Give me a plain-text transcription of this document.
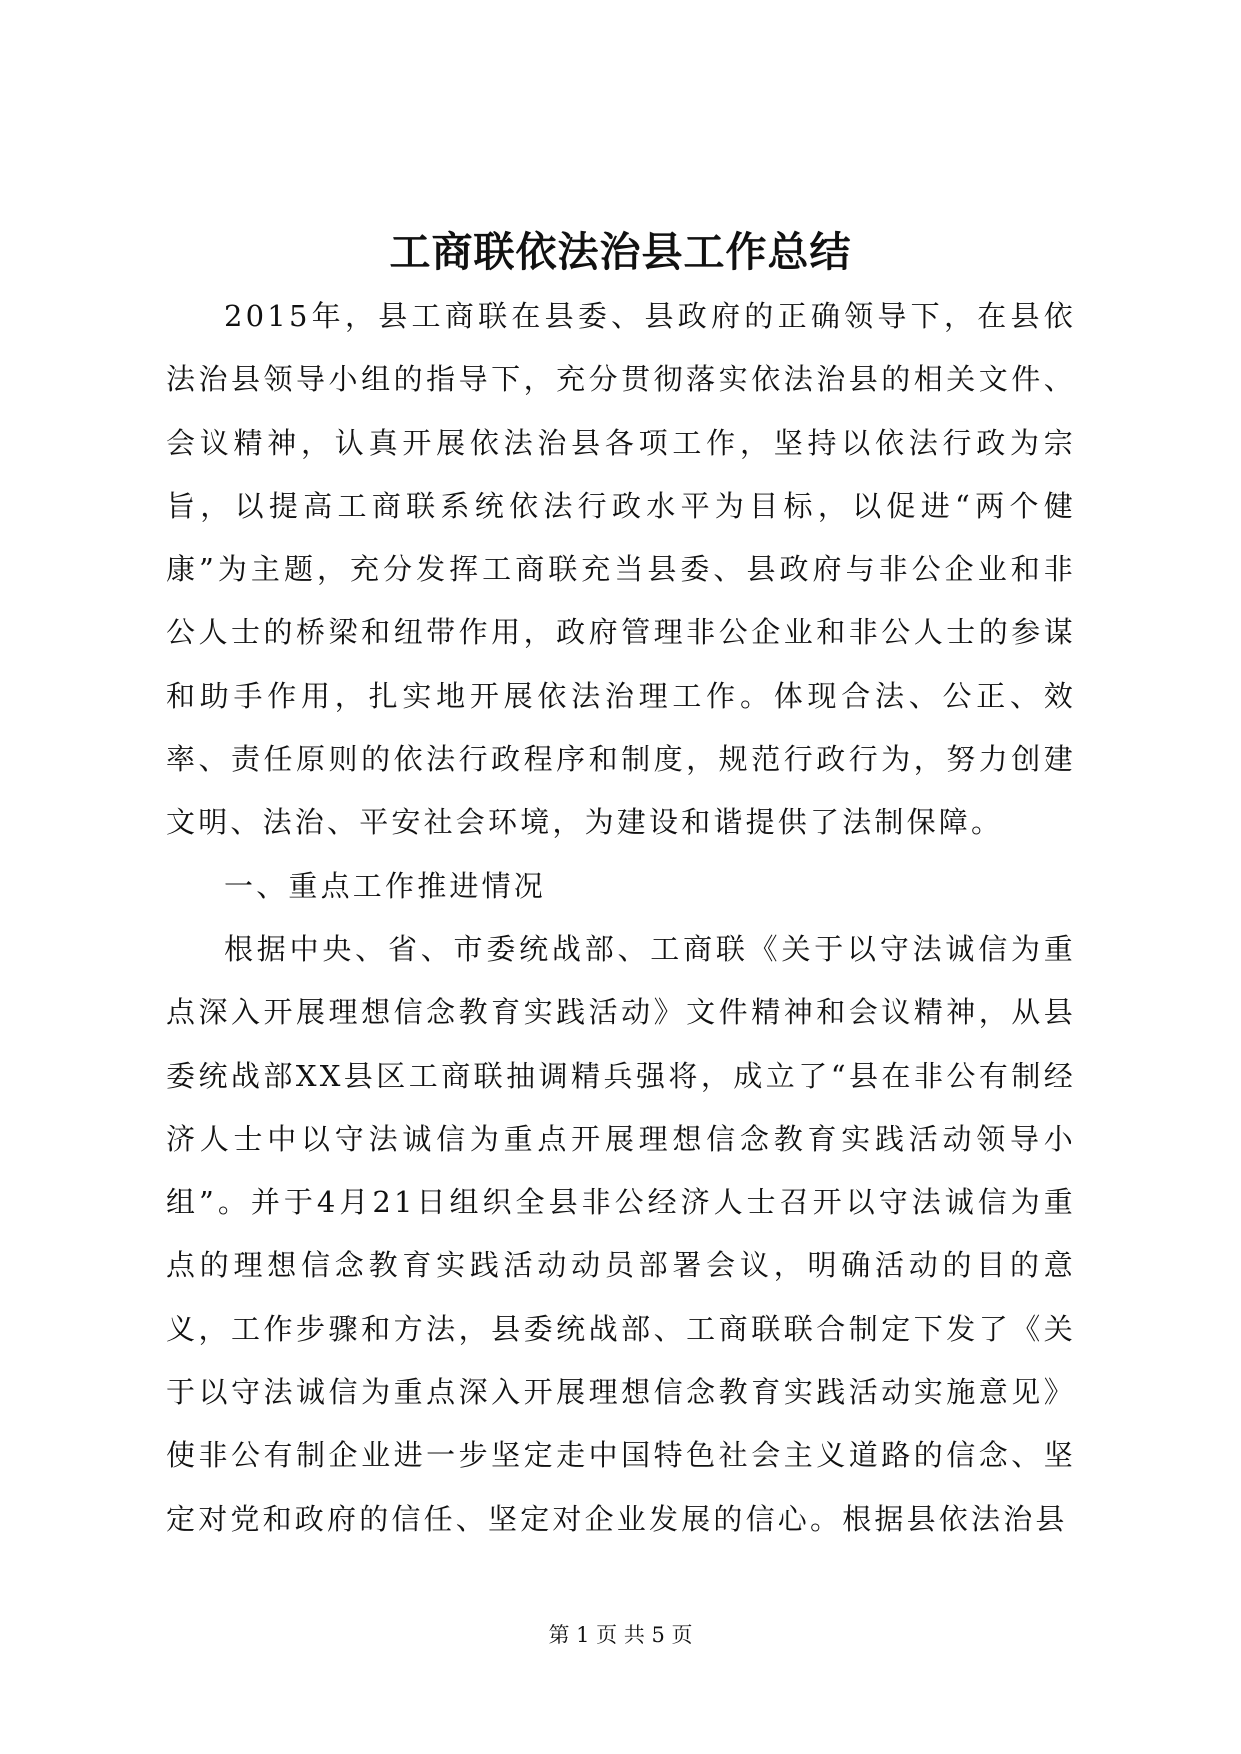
工商联依法治县工作总结

2015年，县工商联在县委、县政府的正确领导下，在县依法治县领导小组的指导下，充分贯彻落实依法治县的相关文件、会议精神，认真开展依法治县各项工作，坚持以依法行政为宗旨，以提高工商联系统依法行政水平为目标，以促进“两个健康”为主题，充分发挥工商联充当县委、县政府与非公企业和非公人士的桥梁和纽带作用，政府管理非公企业和非公人士的参谋和助手作用，扎实地开展依法治理工作。体现合法、公正、效率、责任原则的依法行政程序和制度，规范行政行为，努力创建文明、法治、平安社会环境，为建设和谐提供了法制保障。

一、重点工作推进情况

根据中央、省、市委统战部、工商联《关于以守法诚信为重点深入开展理想信念教育实践活动》文件精神和会议精神，从县委统战部XX县区工商联抽调精兵强将，成立了“县在非公有制经济人士中以守法诚信为重点开展理想信念教育实践活动领导小组”。并于4月21日组织全县非公经济人士召开以守法诚信为重点的理想信念教育实践活动动员部署会议，明确活动的目的意义，工作步骤和方法，县委统战部、工商联联合制定下发了《关于以守法诚信为重点深入开展理想信念教育实践活动实施意见》使非公有制企业进一步坚定走中国特色社会主义道路的信念、坚定对党和政府的信任、坚定对企业发展的信心。根据县依法治县

第 1 页 共 5 页
